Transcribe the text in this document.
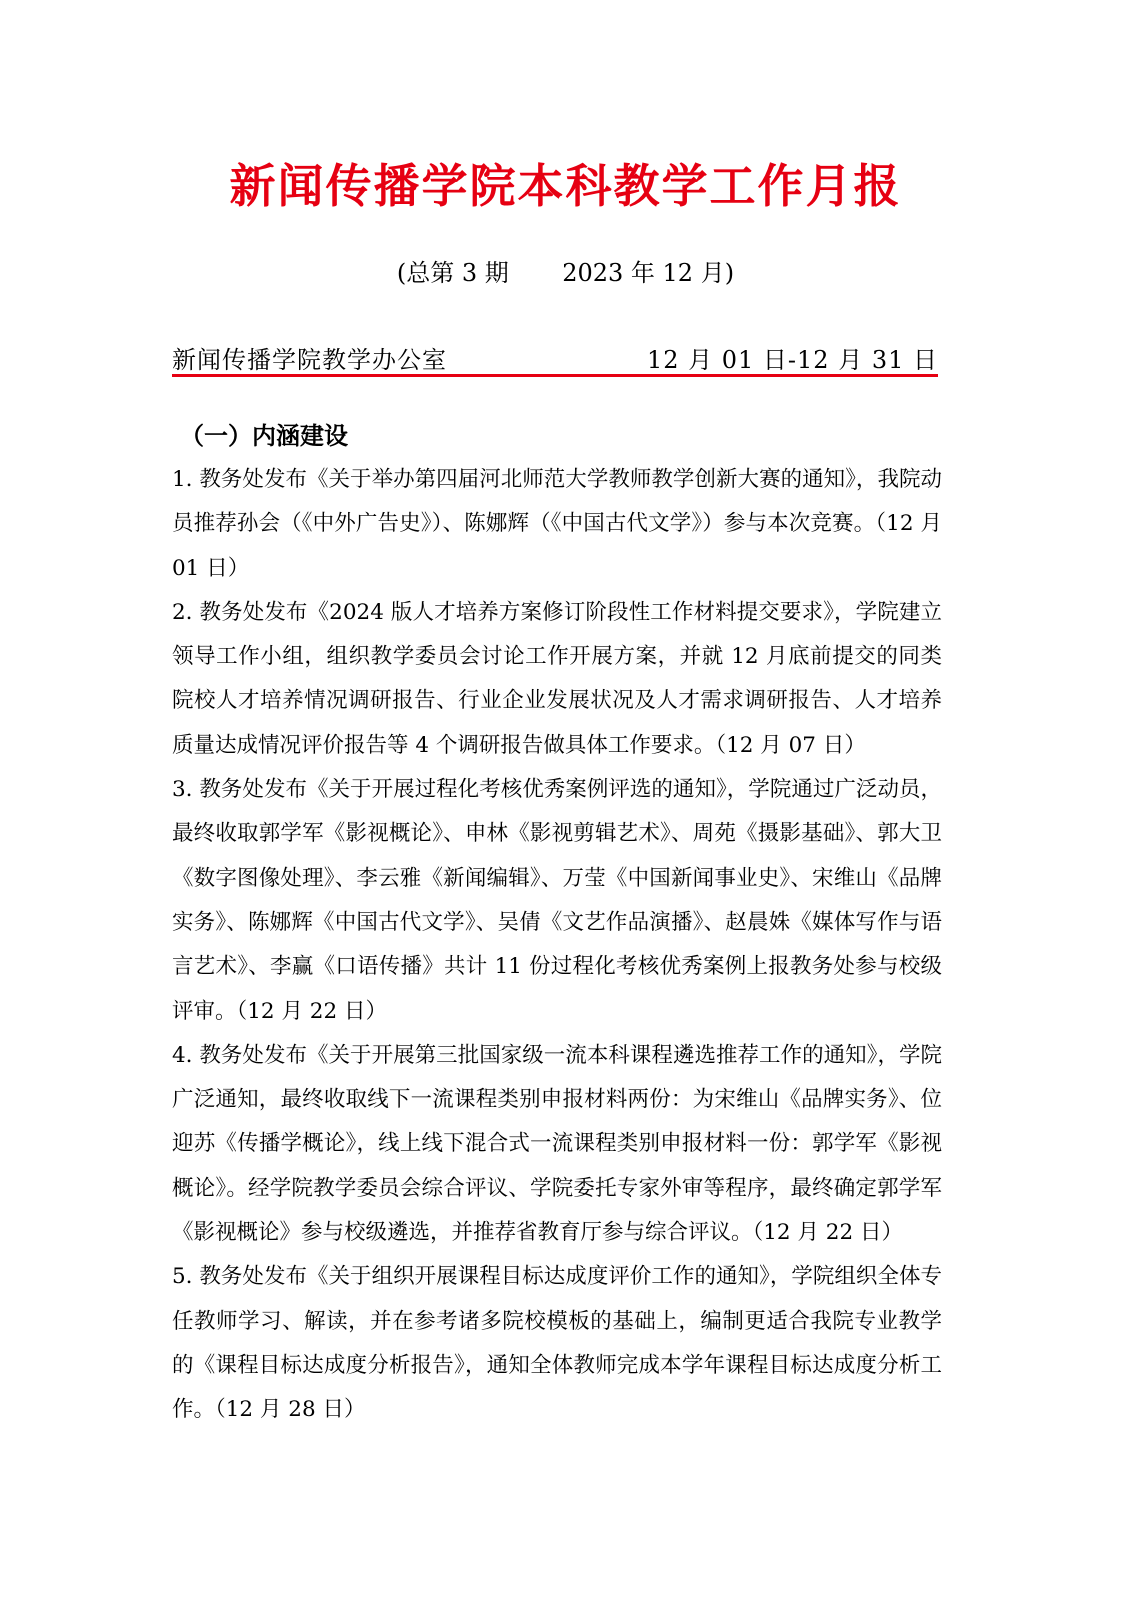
新闻传播学院本科教学工作月报

(总第 3 期       2023 年 12 月)

新闻传播学院教学办公室	12 月 01 日-12 月 31 日
（一）内涵建设
1. 教务处发布《关于举办第四届河北师范大学教师教学创新大赛的通知》，我院动员推荐孙会（《中外广告史》）、陈娜辉（《中国古代文学》）参与本次竞赛。（12 月 01 日）
2. 教务处发布《2024 版人才培养方案修订阶段性工作材料提交要求》，学院建立领导工作小组，组织教学委员会讨论工作开展方案，并就 12 月底前提交的同类院校人才培养情况调研报告、行业企业发展状况及人才需求调研报告、人才培养质量达成情况评价报告等 4 个调研报告做具体工作要求。（12 月 07 日）
3. 教务处发布《关于开展过程化考核优秀案例评选的通知》，学院通过广泛动员，最终收取郭学军《影视概论》、申林《影视剪辑艺术》、周苑《摄影基础》、郭大卫《数字图像处理》、李云雅《新闻编辑》、万莹《中国新闻事业史》、宋维山《品牌实务》、陈娜辉《中国古代文学》、吴倩《文艺作品演播》、赵晨姝《媒体写作与语言艺术》、李赢《口语传播》共计 11 份过程化考核优秀案例上报教务处参与校级评审。（12 月 22 日）
4. 教务处发布《关于开展第三批国家级一流本科课程遴选推荐工作的通知》，学院广泛通知，最终收取线下一流课程类别申报材料两份：为宋维山《品牌实务》、位迎苏《传播学概论》，线上线下混合式一流课程类别申报材料一份：郭学军《影视概论》。经学院教学委员会综合评议、学院委托专家外审等程序，最终确定郭学军《影视概论》参与校级遴选，并推荐省教育厅参与综合评议。（12 月 22 日）
5. 教务处发布《关于组织开展课程目标达成度评价工作的通知》，学院组织全体专任教师学习、解读，并在参考诸多院校模板的基础上，编制更适合我院专业教学的《课程目标达成度分析报告》，通知全体教师完成本学年课程目标达成度分析工作。（12 月 28 日）
